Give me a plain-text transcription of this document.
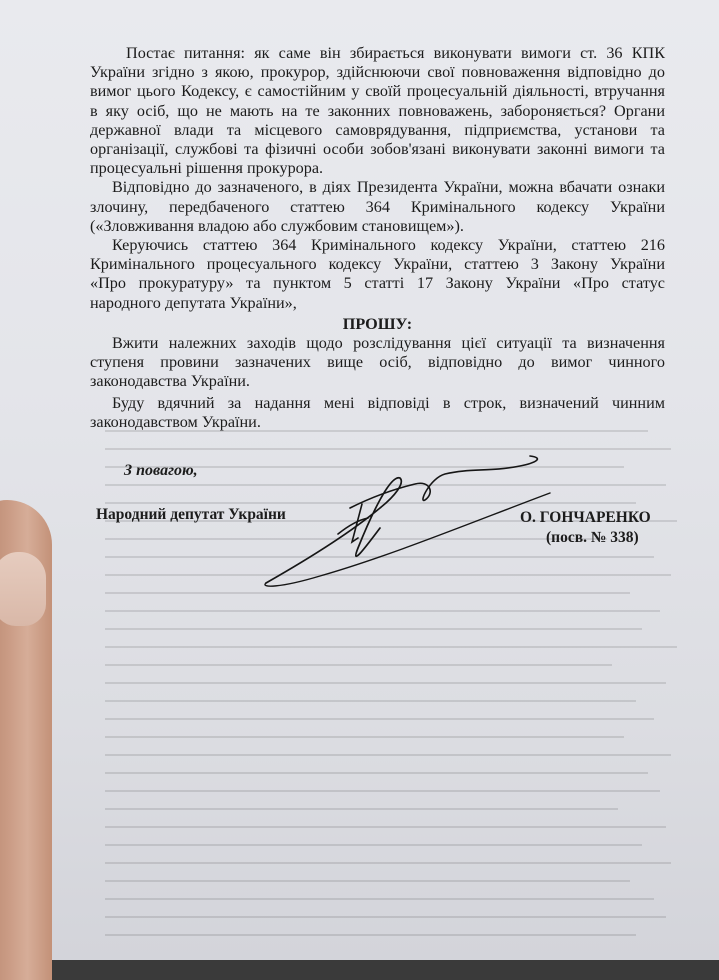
Постає питання: як саме він збирається виконувати вимоги ст. 36 КПК
України згідно з якою, прокурор, здійснюючи свої повноваження відповідно до
вимог цього Кодексу, є самостійним у своїй процесуальній діяльності, втручання
в яку осіб, що не мають на те законних повноважень, забороняється? Органи
державної влади та місцевого самоврядування, підприємства, установи та
організації, службові та фізичні особи зобов'язані виконувати законні вимоги та
процесуальні рішення прокурора.
Відповідно до зазначеного, в діях Президента України, можна вбачати ознаки
злочину, передбаченого статтею 364 Кримінального кодексу України
(«Зловживання владою або службовим становищем»).
Керуючись статтею 364 Кримінального кодексу України, статтею 216
Кримінального процесуального кодексу України, статтею 3 Закону України
«Про прокуратуру» та пунктом 5 статті 17 Закону України «Про статус
народного депутата України»,
ПРОШУ:
Вжити належних заходів щодо розслідування цієї ситуації та визначення
ступеня провини зазначених вище осіб, відповідно до вимог чинного
законодавства України.
Буду вдячний за надання мені відповіді в строк, визначений чинним
законодавством України.
З повагою,
Народний депутат України	О. ГОНЧАРЕНКО
(посв. № 338)
